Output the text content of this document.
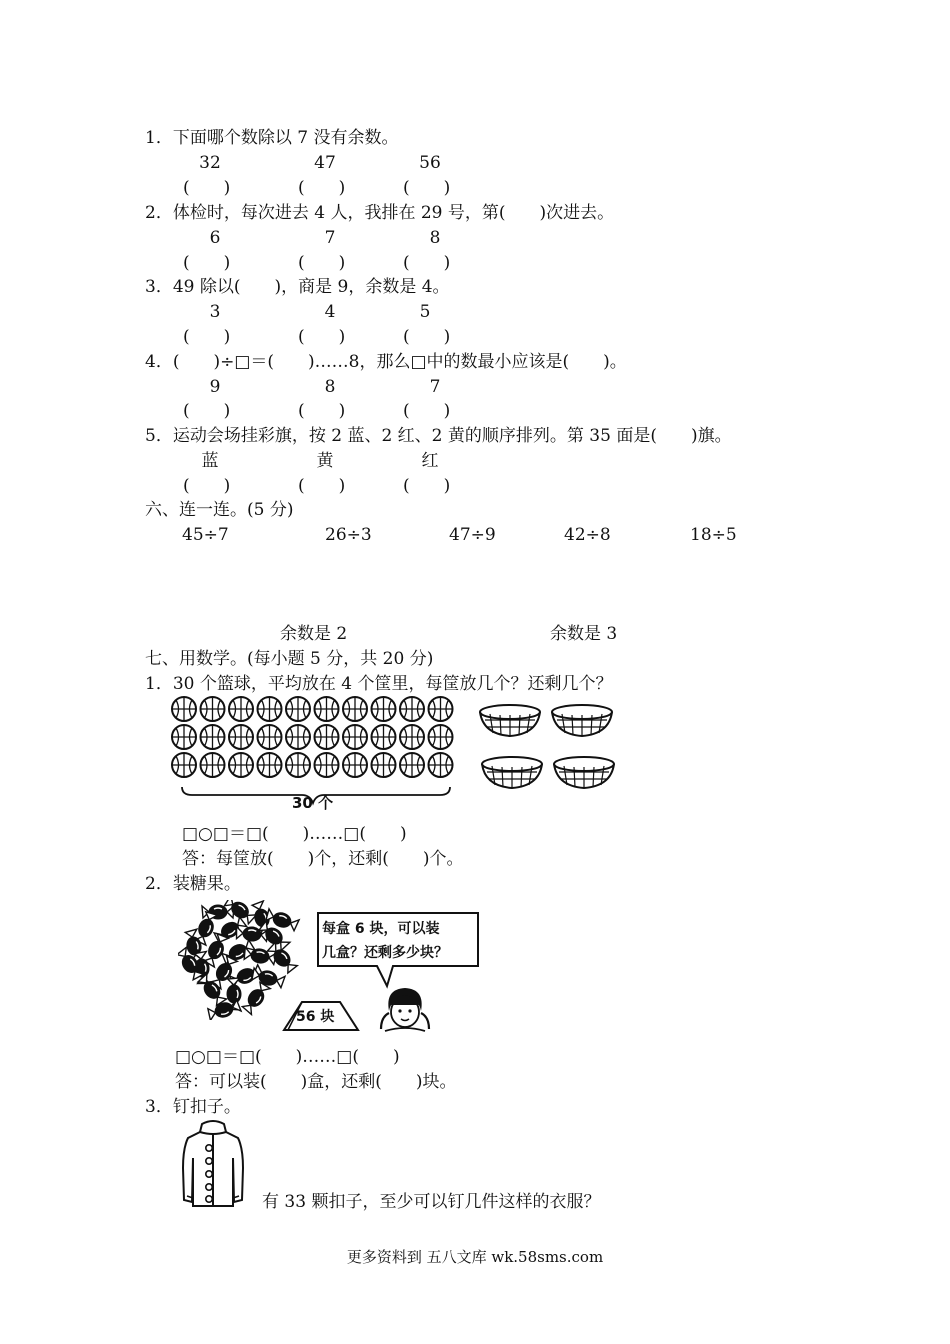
1．下面哪个数除以 7 没有余数。
32	47	56
(　　)	(　　)	(　　)
2．体检时，每次进去 4 人，我排在 29 号，第(　　)次进去。
6	7	8
(　　)	(　　)	(　　)
3．49 除以(　　)，商是 9，余数是 4。
3	4	5
(　　)	(　　)	(　　)
4．(　　)÷□＝(　　)……8，那么□中的数最小应该是(　　)。
9	8	7
(　　)	(　　)	(　　)
5．运动会场挂彩旗，按 2 蓝、2 红、2 黄的顺序排列。第 35 面是(　　)旗。
蓝	黄	红
(　　)	(　　)	(　　)
六、连一连。(5 分)
45÷7	26÷3	47÷9	42÷8	18÷5
余数是 2	余数是 3
七、用数学。(每小题 5 分，共 20 分)
1．30 个篮球，平均放在 4 个筐里，每筐放几个？还剩几个？
30 个
□○□＝□(　　)……□(　　)
答：每筐放(　　)个，还剩(　　)个。
2．装糖果。
56 块
每盒 6 块，可以装
几盒？还剩多少块？
□○□＝□(　　)……□(　　)
答：可以装(　　)盒，还剩(　　)块。
3．钉扣子。
有 33 颗扣子，至少可以钉几件这样的衣服？
更多资料到 五八文库 wk.58sms.com
